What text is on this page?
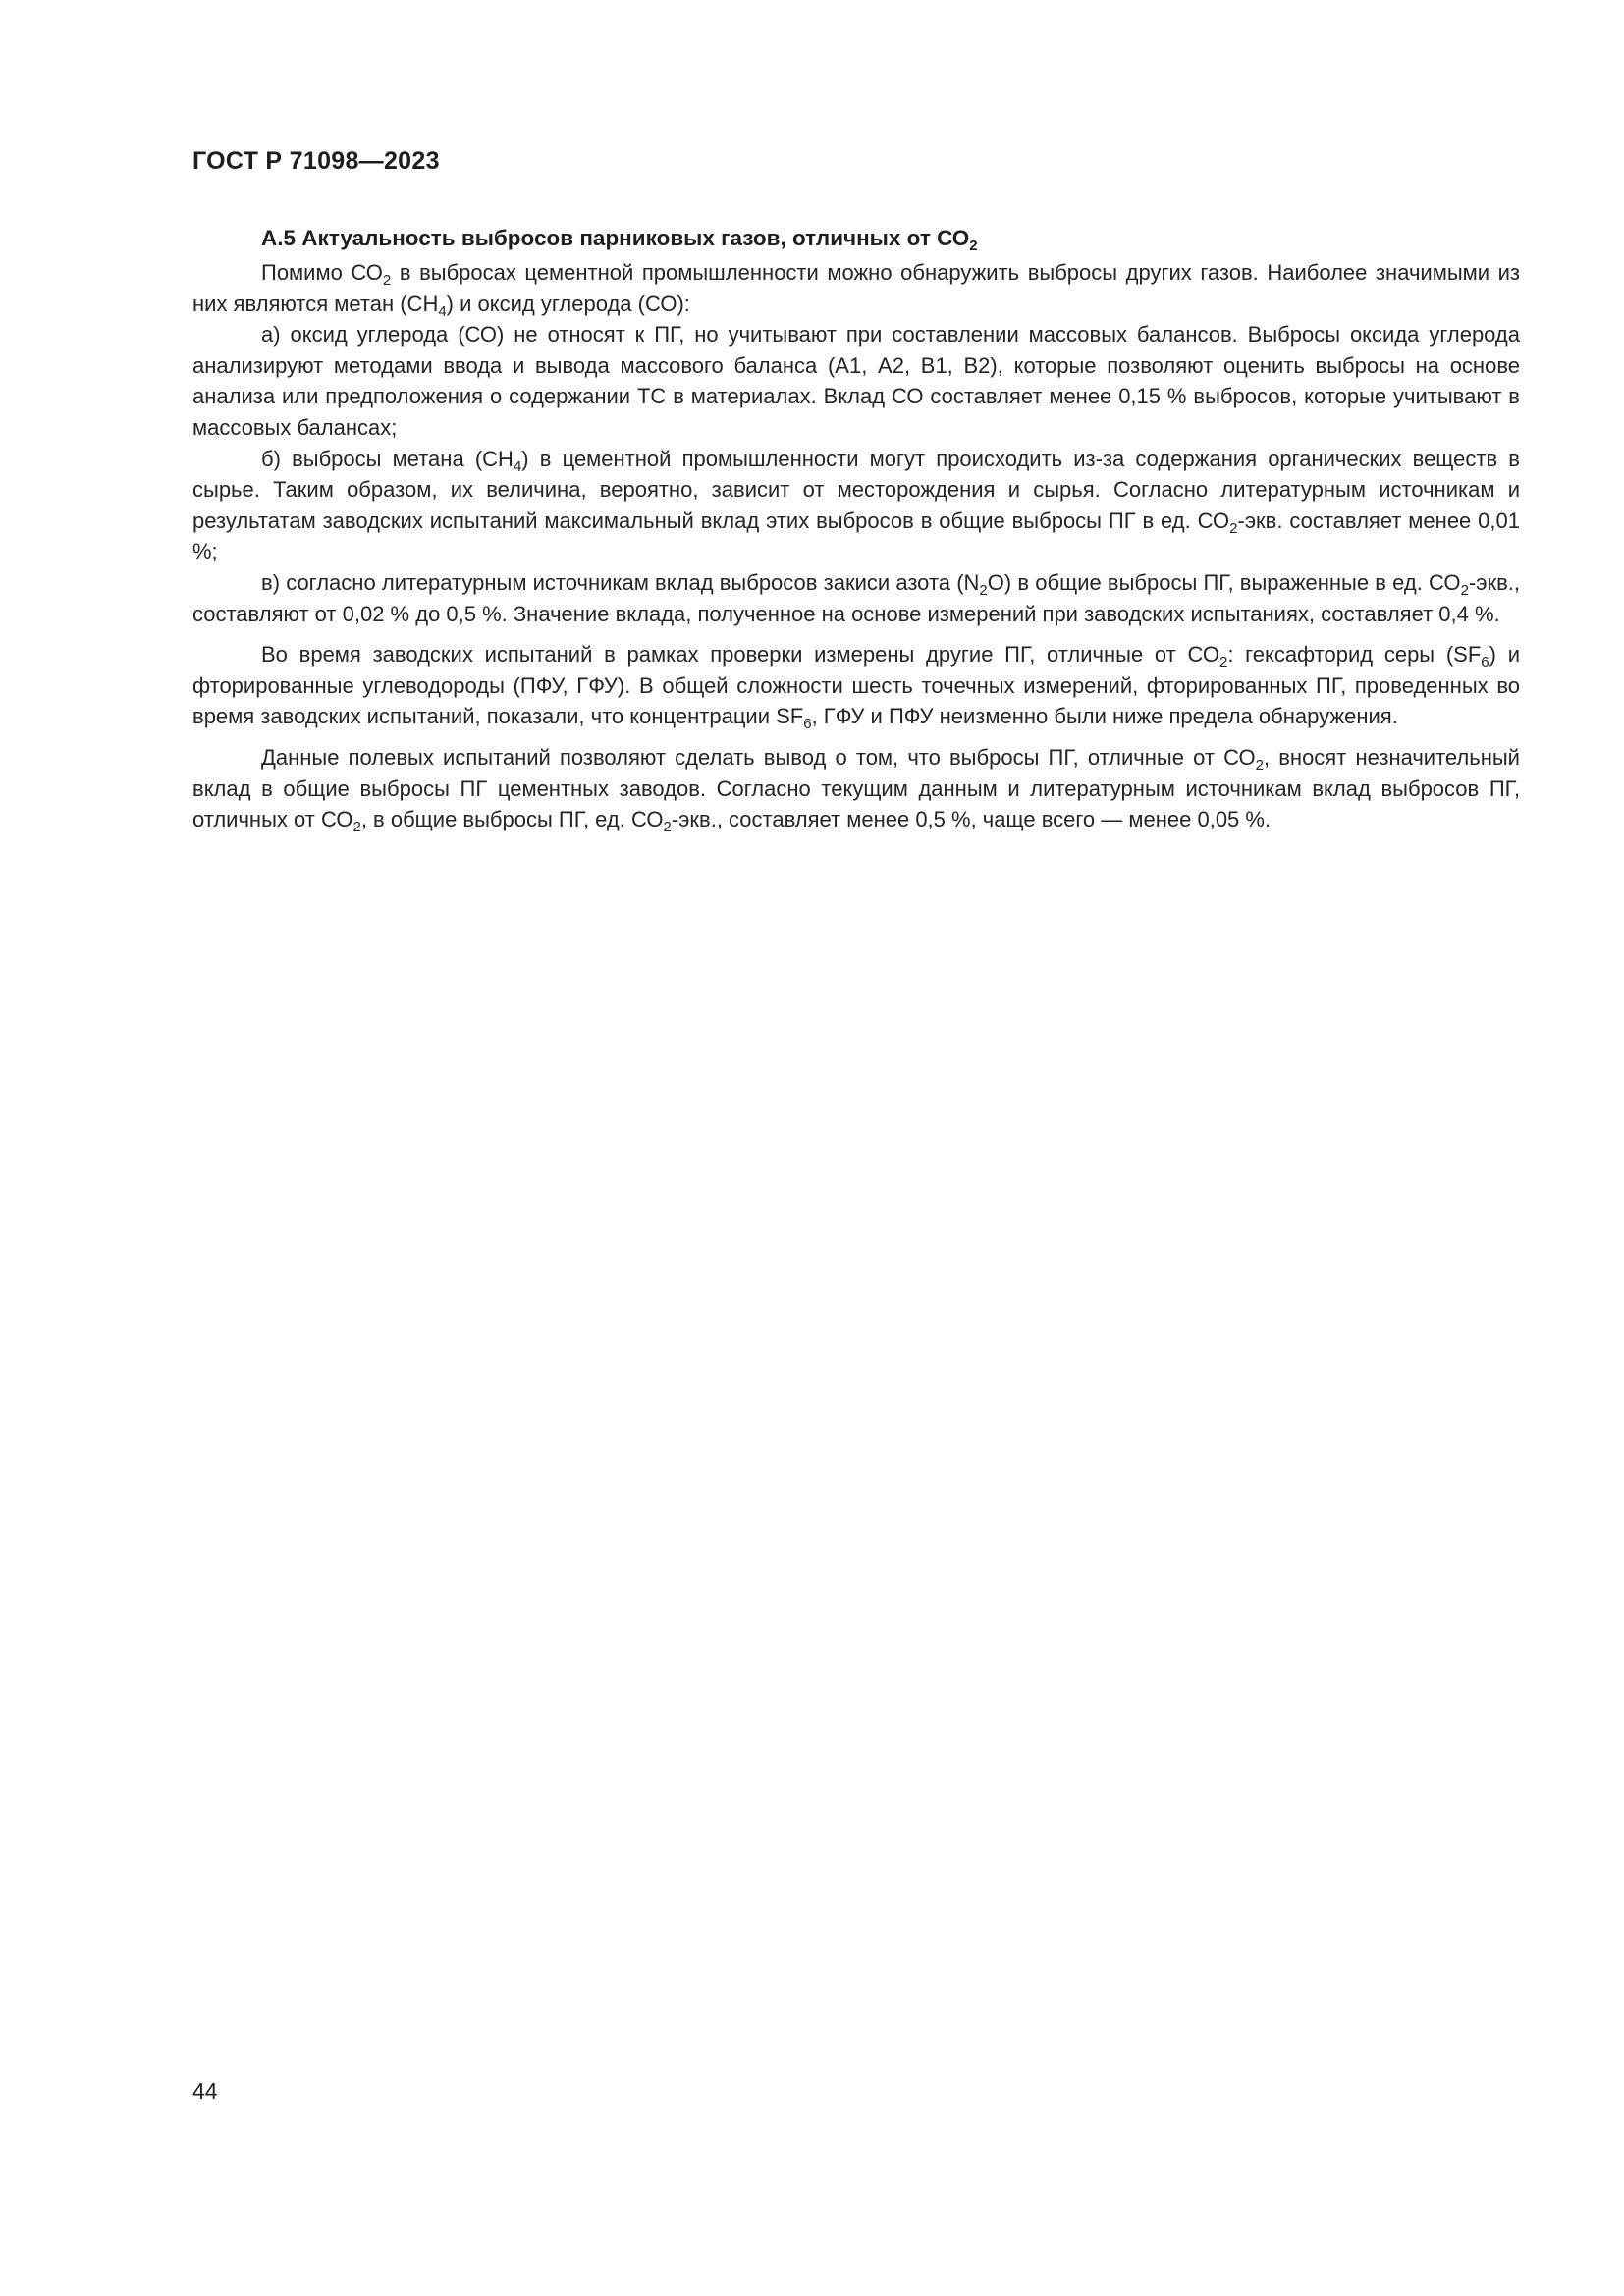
ГОСТ Р 71098—2023
А.5 Актуальность выбросов парниковых газов, отличных от $СО_2$

Помимо $СО_2$ в выбросах цементной промышленности можно обнаружить выбросы других газов. Наиболее значимыми из них являются метан $(СН_4)$ и оксид углерода (СО):

а) оксид углерода (СО) не относят к ПГ, но учитывают при составлении массовых балансов. Выбросы оксида углерода анализируют методами ввода и вывода массового баланса (А1, А2, В1, В2), которые позволяют оценить выбросы на основе анализа или предположения о содержании ТС в материалах. Вклад СО составляет менее 0,15 % выбросов, которые учитывают в массовых балансах;

б) выбросы метана $(СН_4)$ в цементной промышленности могут происходить из-за содержания органических веществ в сырье. Таким образом, их величина, вероятно, зависит от месторождения и сырья. Согласно литературным источникам и результатам заводских испытаний максимальный вклад этих выбросов в общие выбросы ПГ в ед. $СО_2$-экв. составляет менее 0,01 %;

в) согласно литературным источникам вклад выбросов закиси азота $(N_2O)$ в общие выбросы ПГ, выраженные в ед. $СО_2$-экв., составляют от 0,02 % до 0,5 %. Значение вклада, полученное на основе измерений при заводских испытаниях, составляет 0,4 %.

Во время заводских испытаний в рамках проверки измерены другие ПГ, отличные от $СО_2$: гексафторид серы $(SF_6)$ и фторированные углеводороды (ПФУ, ГФУ). В общей сложности шесть точечных измерений, фторированных ПГ, проведенных во время заводских испытаний, показали, что концентрации $SF_6$, ГФУ и ПФУ неизменно были ниже предела обнаружения.

Данные полевых испытаний позволяют сделать вывод о том, что выбросы ПГ, отличные от $СО_2$, вносят незначительный вклад в общие выбросы ПГ цементных заводов. Согласно текущим данным и литературным источникам вклад выбросов ПГ, отличных от $СО_2$, в общие выбросы ПГ, ед. $СО_2$-экв., составляет менее 0,5 %, чаще всего — менее 0,05 %.

44
